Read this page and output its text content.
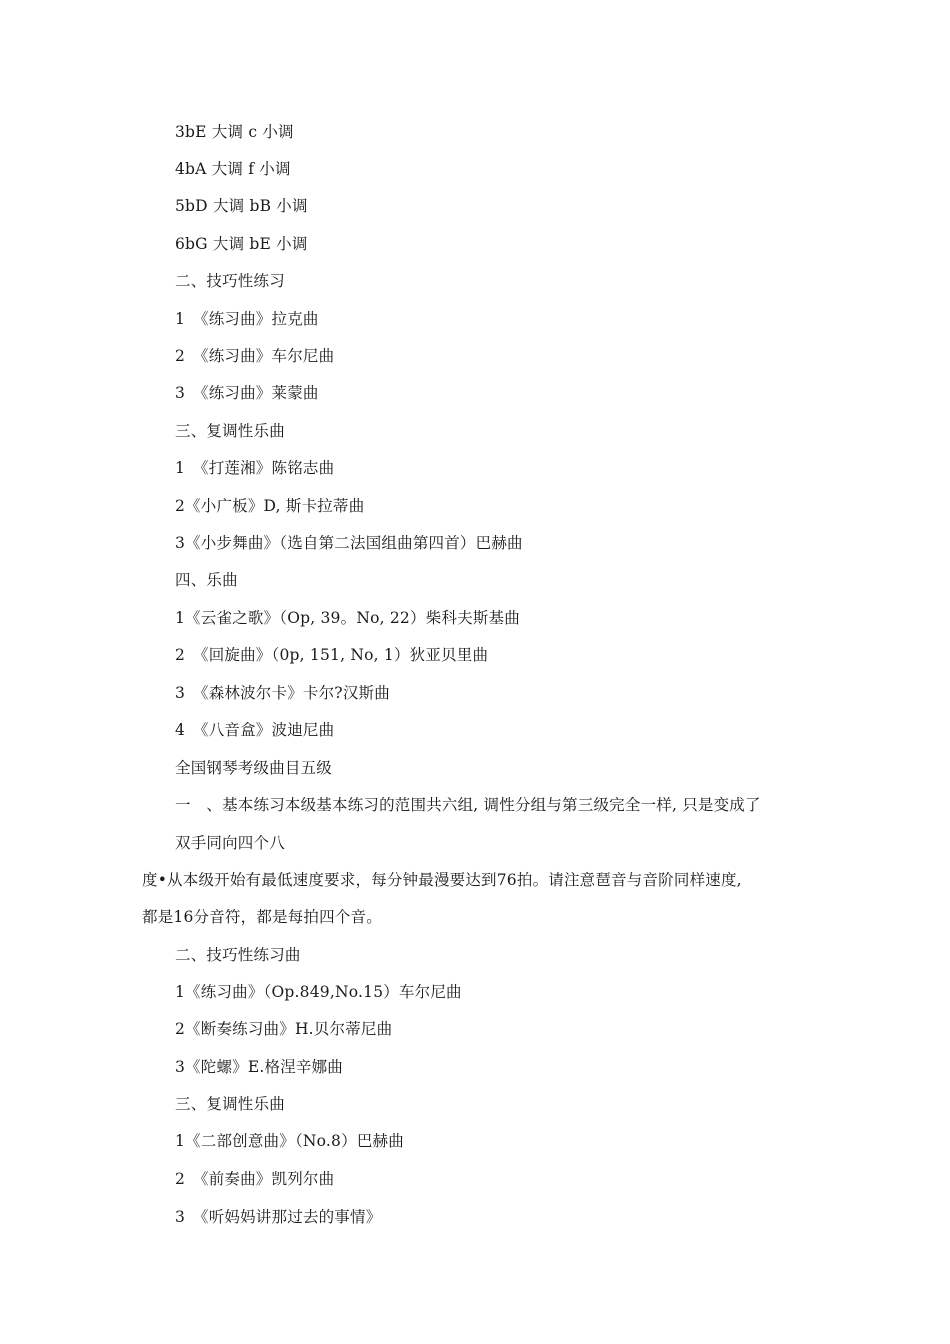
3bE 大调 c 小调
4bA 大调 f 小调
5bD 大调 bB 小调
6bG 大调 bE 小调
二、技巧性练习
1　《练习曲》拉克曲
2　《练习曲》车尔尼曲
3　《练习曲》莱蒙曲
三、复调性乐曲
1　《打莲湘》陈铭志曲
2《小广板》D, 斯卡拉蒂曲
3《小步舞曲》（选自第二法国组曲第四首）巴赫曲
四、乐曲
1《云雀之歌》（Op, 39。No, 22）柴科夫斯基曲
2　《回旋曲》（0p, 151, No, 1）狄亚贝里曲
3　《森林波尔卡》卡尔?汉斯曲
4　《八音盒》波迪尼曲
全国钢琴考级曲目五级
一　、基本练习本级基本练习的范围共六组, 调性分组与第三级完全一样, 只是变成了
双手同向四个八
度•从本级开始有最低速度要求，每分钟最漫要达到76拍。请注意琶音与音阶同样速度,
都是16分音符，都是每拍四个音。
二、技巧性练习曲
1《练习曲》（Op.849,No.15）车尔尼曲
2《断奏练习曲》H.贝尔蒂尼曲
3《陀螺》E.格涅辛娜曲
三、复调性乐曲
1《二部创意曲》（No.8）巴赫曲
2　《前奏曲》凯列尔曲
3　《听妈妈讲那过去的事情》
